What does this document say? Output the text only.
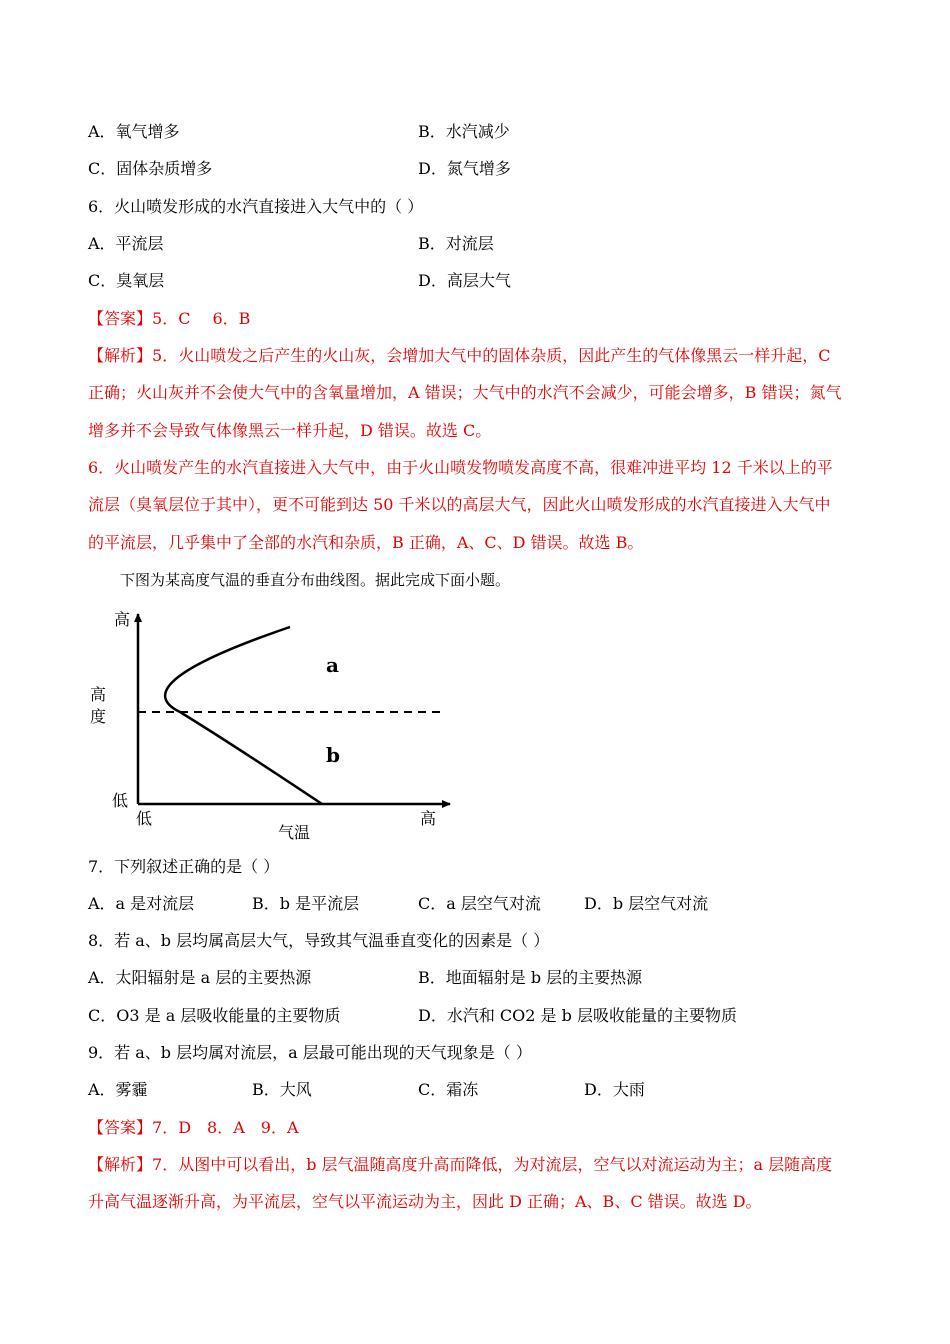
A．氧气增多	B．水汽减少
C．固体杂质增多	D．氮气增多
6．火山喷发形成的水汽直接进入大气中的（ ）
A．平流层	B．对流层
C．臭氧层	D．高层大气
【答案】5．C 6．B
【解析】5．火山喷发之后产生的火山灰，会增加大气中的固体杂质，因此产生的气体像黑云一样升起，C
正确；火山灰并不会使大气中的含氧量增加，A 错误；大气中的水汽不会减少，可能会增多，B 错误；氮气
增多并不会导致气体像黑云一样升起，D 错误。故选 C。
6．火山喷发产生的水汽直接进入大气中，由于火山喷发物喷发高度不高，很难冲进平均 12 千米以上的平
流层（臭氧层位于其中），更不可能到达 50 千米以的高层大气，因此火山喷发形成的水汽直接进入大气中
的平流层，几乎集中了全部的水汽和杂质，B 正确，A、C、D 错误。故选 B。
下图为某高度气温的垂直分布曲线图。据此完成下面小题。
高
高
度
低
低
气温
高
a
b
7．下列叙述正确的是（ ）
A．a 是对流层	B．b 是平流层	C．a 层空气对流	D．b 层空气对流
8．若 a、b 层均属高层大气，导致其气温垂直变化的因素是（ ）
A．太阳辐射是 a 层的主要热源	B．地面辐射是 b 层的主要热源
C．O3 是 a 层吸收能量的主要物质	D．水汽和 CO2 是 b 层吸收能量的主要物质
9．若 a、b 层均属对流层，a 层最可能出现的天气现象是（ ）
A．雾霾	B．大风	C．霜冻	D．大雨
【答案】7．D 8．A 9．A
【解析】7．从图中可以看出，b 层气温随高度升高而降低，为对流层，空气以对流运动为主；a 层随高度
升高气温逐渐升高，为平流层，空气以平流运动为主，因此 D 正确；A、B、C 错误。故选 D。
